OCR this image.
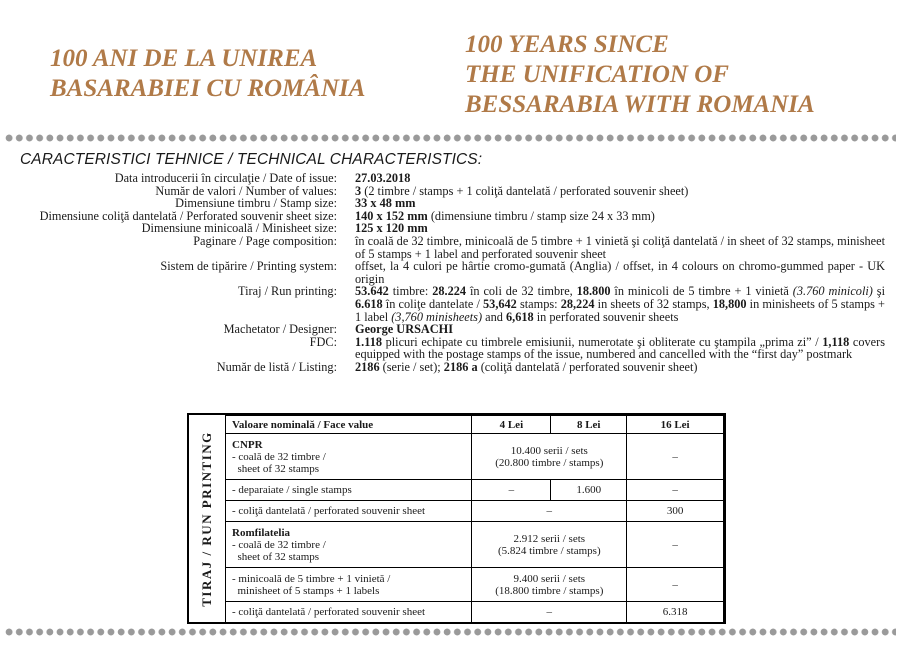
100 ANI DE LA UNIREA
BASARABIEI CU ROMÂNIA
100 YEARS SINCE
THE UNIFICATION OF
BESSARABIA WITH ROMANIA
CARACTERISTICI TEHNICE / TECHNICAL CHARACTERISTICS:
Data introducerii în circulaţie / Date of issue: 27.03.2018
Număr de valori / Number of values: 3 (2 timbre / stamps + 1 coliţă dantelată / perforated souvenir sheet)
Dimensiune timbru / Stamp size: 33 x 48 mm
Dimensiune coliţă dantelată / Perforated souvenir sheet size: 140 x 152 mm (dimensiune timbru / stamp size 24 x 33 mm)
Dimensiune minicoală / Minisheet size: 125 x 120 mm
Paginare / Page composition: în coală de 32 timbre, minicoală de 5 timbre + 1 vinietă şi coliţă dantelată / in sheet of 32 stamps, minisheet of 5 stamps + 1 label and perforated souvenir sheet
Sistem de tipărire / Printing system: offset, la 4 culori pe hârtie cromo-gumată (Anglia) / offset, in 4 colours on chromo-gummed paper - UK origin
Tiraj / Run printing: 53.642 timbre: 28.224 în coli de 32 timbre, 18.800 în minicoli de 5 timbre + 1 vinietă (3.760 minicoli) şi 6.618 în coliţe dantelate / 53,642 stamps: 28,224 in sheets of 32 stamps, 18,800 in minisheets of 5 stamps + 1 label (3,760 minisheets) and 6,618 in perforated souvenir sheets
Machetator / Designer: George URSACHI
FDC: 1.118 plicuri echipate cu timbrele emisiunii, numerotate şi obliterate cu ştampila „prima zi” / 1,118 covers equipped with the postage stamps of the issue, numbered and cancelled with the “first day” postmark
Număr de listă / Listing: 2186 (serie / set); 2186 a (coliţă dantelată / perforated souvenir sheet)
TIRAJ / RUN PRINTING
Valoare nominală / Face value	4 Lei	8 Lei	16 Lei
CNPR
- coală de 32 timbre /
sheet of 32 stamps	10.400 serii / sets
(20.800 timbre / stamps)		–
- deparaiate / single stamps	–	1.600	–
- coliţă dantelată / perforated souvenir sheet	–		300
Romfilatelia
- coală de 32 timbre /
sheet of 32 stamps	2.912 serii / sets
(5.824 timbre / stamps)		–
- minicoală de 5 timbre + 1 vinietă /
minisheet of 5 stamps + 1 labels	9.400 serii / sets
(18.800 timbre / stamps)		–
- coliţă dantelată / perforated souvenir sheet	–		6.318
